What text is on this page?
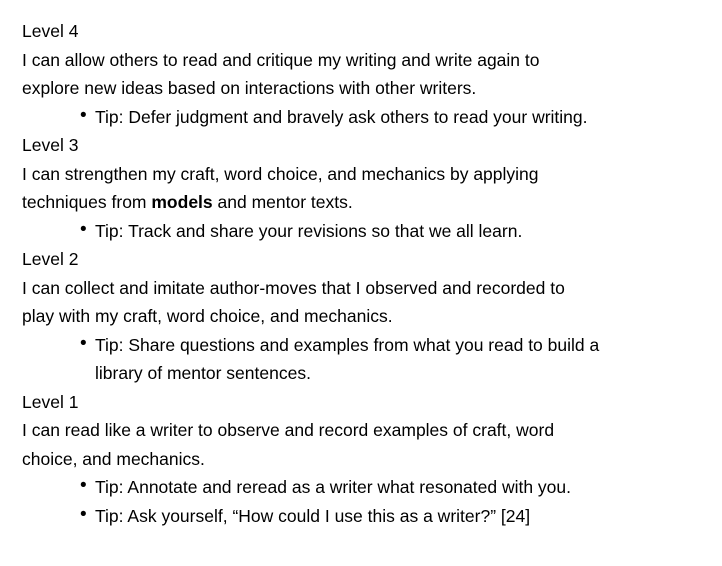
Level 4
I can allow others to read and critique my writing and write again to
explore new ideas based on interactions with other writers.
• Tip: Defer judgment and bravely ask others to read your writing.
Level 3
I can strengthen my craft, word choice, and mechanics by applying
techniques from models and mentor texts.
• Tip: Track and share your revisions so that we all learn.
Level 2
I can collect and imitate author-moves that I observed and recorded to
play with my craft, word choice, and mechanics.
• Tip: Share questions and examples from what you read to build a
library of mentor sentences.
Level 1
I can read like a writer to observe and record examples of craft, word
choice, and mechanics.
• Tip: Annotate and reread as a writer what resonated with you.
• Tip: Ask yourself, “How could I use this as a writer?” [24]
